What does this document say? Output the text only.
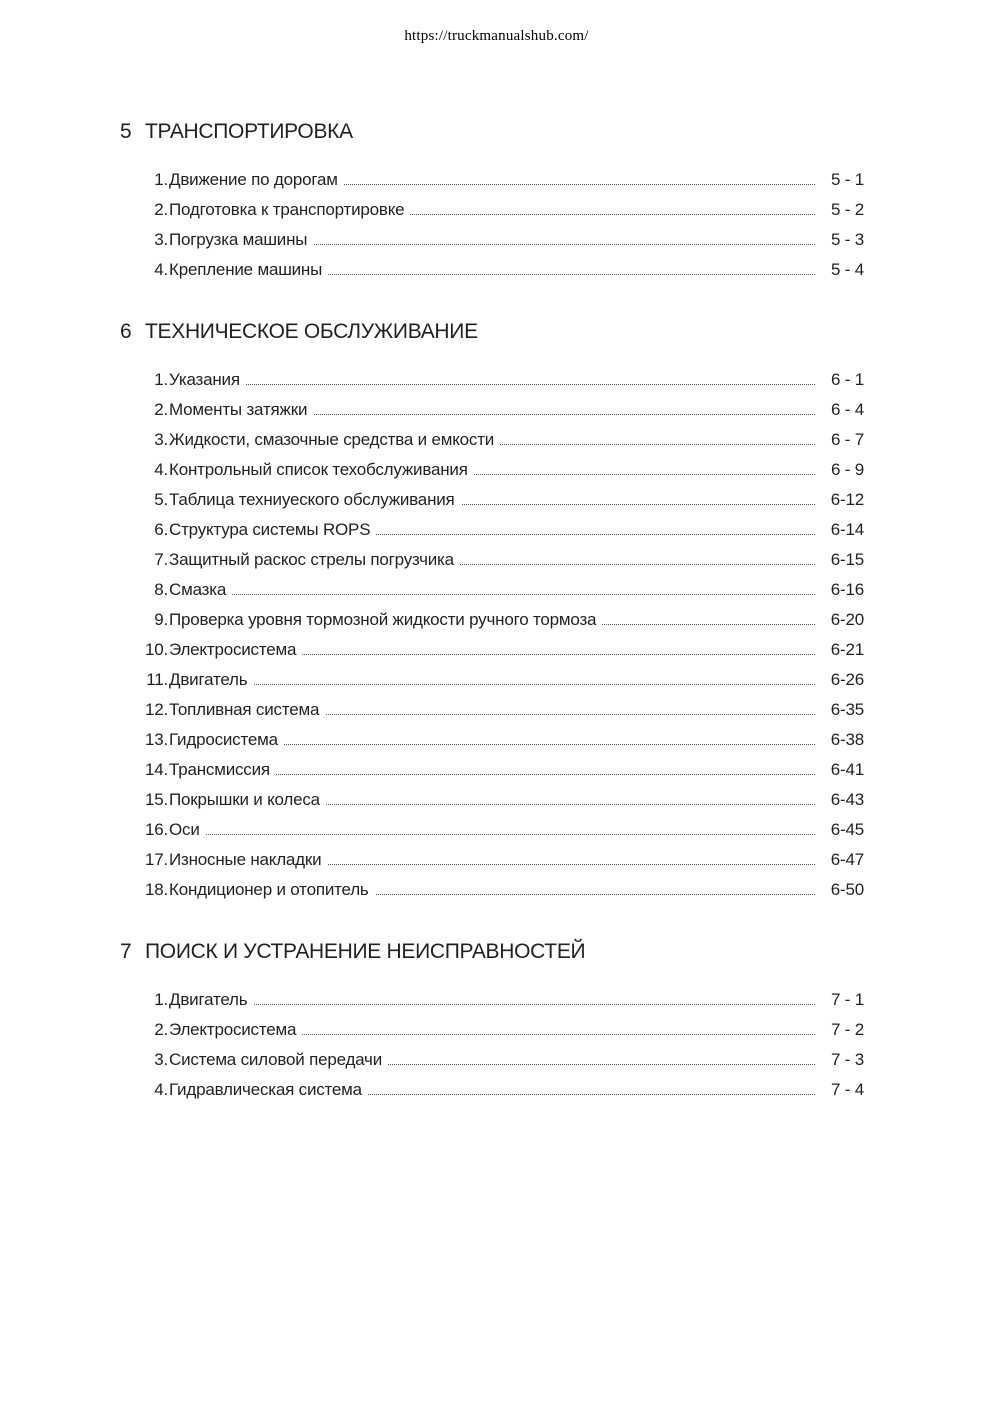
https://truckmanualshub.com/
5 ТРАНСПОРТИРОВКА
1. Движение по дорогам	5 - 1
2. Подготовка к транспортировке	5 - 2
3. Погрузка машины	5 - 3
4. Крепление машины	5 - 4
6 ТЕХНИЧЕСКОЕ ОБСЛУЖИВАНИЕ
1. Указания	6 - 1
2. Моменты затяжки	6 - 4
3. Жидкости, смазочные средства и емкости	6 - 7
4. Контрольный список техобслуживания	6 - 9
5. Таблица техниуеского обслуживания	6-12
6. Структура системы ROPS	6-14
7. Защитный раскос стрелы погрузчика	6-15
8. Смазка	6-16
9. Проверка уровня тормозной жидкости ручного тормоза	6-20
10. Электросистема	6-21
11. Двигатель	6-26
12. Топливная система	6-35
13. Гидросистема	6-38
14. Трансмиссия	6-41
15. Покрышки и колеса	6-43
16. Оси	6-45
17. Износные накладки	6-47
18. Кондиционер и отопитель	6-50
7 ПОИСК И УСТРАНЕНИЕ НЕИСПРАВНОСТЕЙ
1. Двигатель	7 - 1
2. Электросистема	7 - 2
3. Система силовой передачи	7 - 3
4. Гидравлическая система	7 - 4
